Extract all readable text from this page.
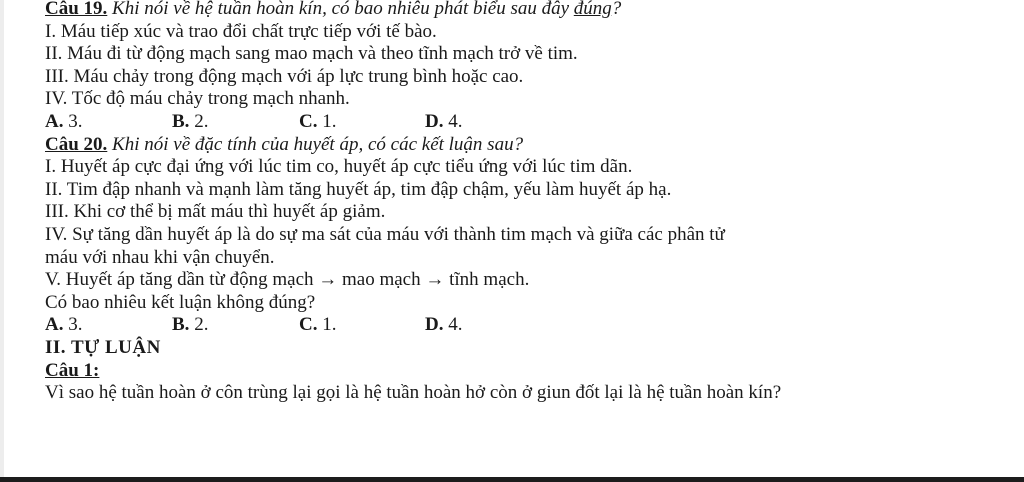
Câu 19. Khi nói về hệ tuần hoàn kín, có bao nhiêu phát biểu sau đây đúng?
I. Máu tiếp xúc và trao đổi chất trực tiếp với tế bào.
II. Máu đi từ động mạch sang mao mạch và theo tĩnh mạch trở về tim.
III. Máu chảy trong động mạch với áp lực trung bình hoặc cao.
IV. Tốc độ máu chảy trong mạch nhanh.
A. 3.	B. 2.	C. 1.	D. 4.
Câu 20. Khi nói về đặc tính của huyết áp, có các kết luận sau?
I. Huyết áp cực đại ứng với lúc tim co, huyết áp cực tiểu ứng với lúc tim dãn.
II. Tim đập nhanh và mạnh làm tăng huyết áp, tim đập chậm, yếu làm huyết áp hạ.
III. Khi cơ thể bị mất máu thì huyết áp giảm.
IV. Sự tăng dần huyết áp là do sự ma sát của máu với thành tim mạch và giữa các phân tử
máu với nhau khi vận chuyển.
V. Huyết áp tăng dần từ động mạch → mao mạch → tĩnh mạch.
Có bao nhiêu kết luận không đúng?
A. 3.	B. 2.	C. 1.	D. 4.
II. TỰ LUẬN
Câu 1:
Vì sao hệ tuần hoàn ở côn trùng lại gọi là hệ tuần hoàn hở còn ở giun đốt lại là hệ tuần hoàn kín?
